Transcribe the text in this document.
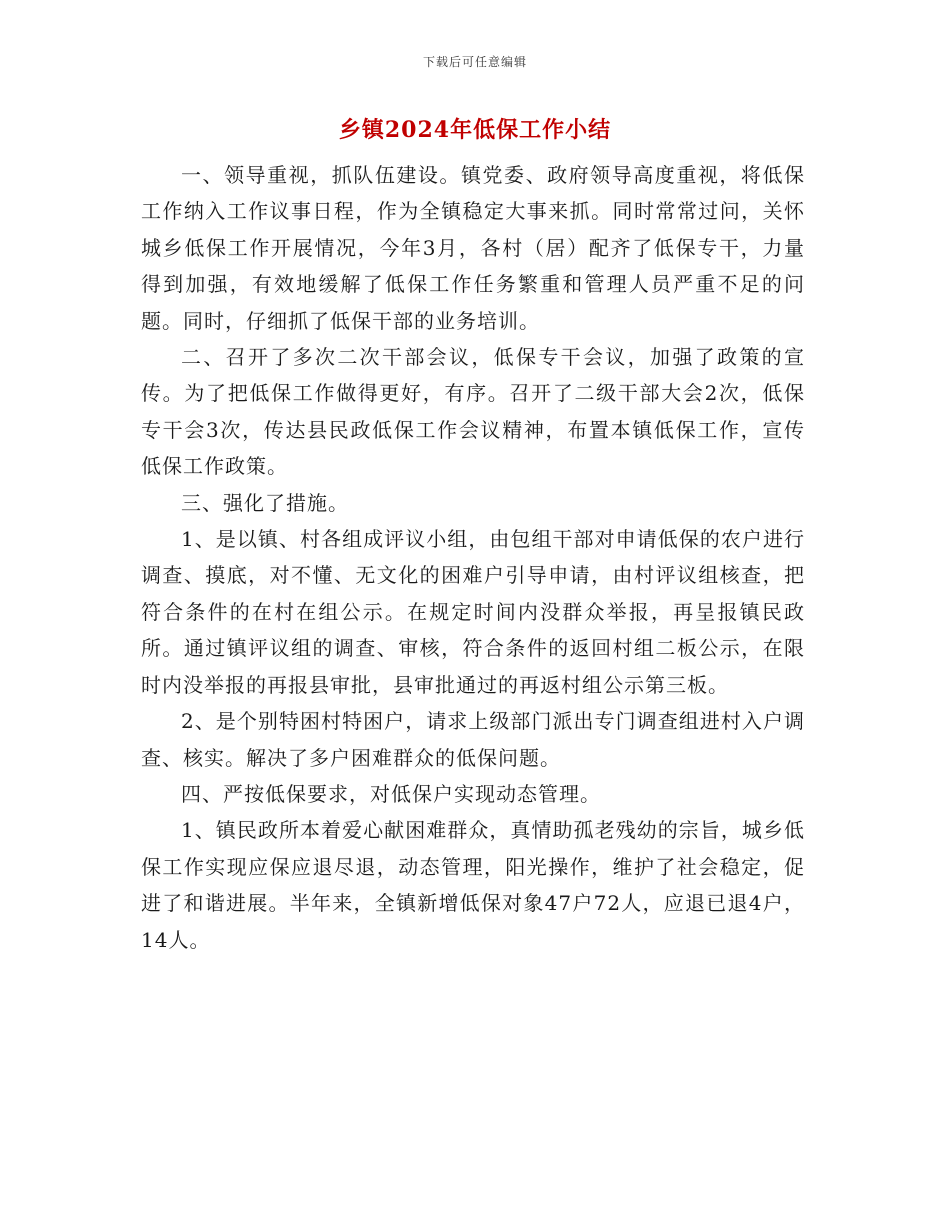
下载后可任意编辑
乡镇2024年低保工作小结

一、领导重视，抓队伍建设。镇党委、政府领导高度重视，将低保工作纳入工作议事日程，作为全镇稳定大事来抓。同时常常过问，关怀城乡低保工作开展情况，今年3月，各村（居）配齐了低保专干，力量得到加强，有效地缓解了低保工作任务繁重和管理人员严重不足的问题。同时，仔细抓了低保干部的业务培训。

二、召开了多次二次干部会议，低保专干会议，加强了政策的宣传。为了把低保工作做得更好，有序。召开了二级干部大会2次，低保专干会3次，传达县民政低保工作会议精神，布置本镇低保工作，宣传低保工作政策。

三、强化了措施。

1、是以镇、村各组成评议小组，由包组干部对申请低保的农户进行调查、摸底，对不懂、无文化的困难户引导申请，由村评议组核查，把符合条件的在村在组公示。在规定时间内没群众举报，再呈报镇民政所。通过镇评议组的调查、审核，符合条件的返回村组二板公示，在限时内没举报的再报县审批，县审批通过的再返村组公示第三板。

2、是个别特困村特困户，请求上级部门派出专门调查组进村入户调查、核实。解决了多户困难群众的低保问题。

四、严按低保要求，对低保户实现动态管理。

1、镇民政所本着爱心献困难群众，真情助孤老残幼的宗旨，城乡低保工作实现应保应退尽退，动态管理，阳光操作，维护了社会稳定，促进了和谐进展。半年来，全镇新增低保对象47户72人，应退已退4户，14人。
